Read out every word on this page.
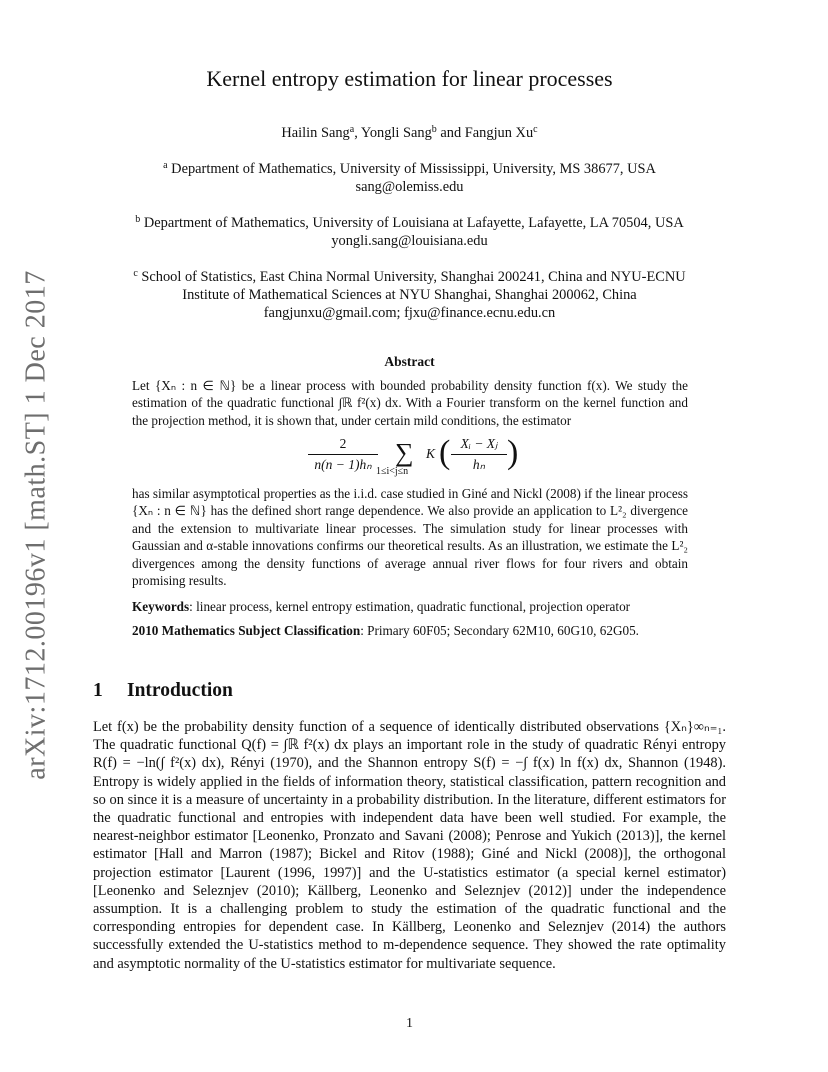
arXiv:1712.00196v1 [math.ST] 1 Dec 2017
Kernel entropy estimation for linear processes
Hailin Sang$^a$, Yongli Sang$^b$ and Fangjun Xu$^c$
$^a$ Department of Mathematics, University of Mississippi, University, MS 38677, USA
sang@olemiss.edu
$^b$ Department of Mathematics, University of Louisiana at Lafayette, Lafayette, LA 70504, USA
yongli.sang@louisiana.edu
$^c$ School of Statistics, East China Normal University, Shanghai 200241, China and NYU-ECNU
Institute of Mathematical Sciences at NYU Shanghai, Shanghai 200062, China
fangjunxu@gmail.com; fjxu@finance.ecnu.edu.cn
Abstract
Let {Xₙ : n ∈ ℕ} be a linear process with bounded probability density function f(x). We study the estimation of the quadratic functional ∫ℝ f²(x) dx. With a Fourier transform on the kernel function and the projection method, it is shown that, under certain mild conditions, the estimator
$\frac{2}{\text{n(n − 1)hₙ}}$ ∑
1≤i<j≤n
K ( $\frac{\text{Xᵢ − Xⱼ}}{\text{hₙ}}$ )
has similar asymptotical properties as the i.i.d. case studied in Giné and Nickl (2008) if the linear process {Xₙ : n ∈ ℕ} has the defined short range dependence. We also provide an application to L²₂ divergence and the extension to multivariate linear processes. The simulation study for linear processes with Gaussian and α-stable innovations confirms our theoretical results. As an illustration, we estimate the L²₂ divergences among the density functions of average annual river flows for four rivers and obtain promising results.
Keywords: linear process, kernel entropy estimation, quadratic functional, projection operator
2010 Mathematics Subject Classification: Primary 60F05; Secondary 62M10, 60G10, 62G05.
1 Introduction
Let f(x) be the probability density function of a sequence of identically distributed observations {Xₙ}∞ₙ₌₁. The quadratic functional Q(f) = ∫ℝ f²(x) dx plays an important role in the study of quadratic Rényi entropy R(f) = −ln(∫ f²(x) dx), Rényi (1970), and the Shannon entropy S(f) = −∫ f(x) ln f(x) dx, Shannon (1948). Entropy is widely applied in the fields of information theory, statistical classification, pattern recognition and so on since it is a measure of uncertainty in a probability distribution. In the literature, different estimators for the quadratic functional and entropies with independent data have been well studied. For example, the nearest-neighbor estimator [Leonenko, Pronzato and Savani (2008); Penrose and Yukich (2013)], the kernel estimator [Hall and Marron (1987); Bickel and Ritov (1988); Giné and Nickl (2008)], the orthogonal projection estimator [Laurent (1996, 1997)] and the U-statistics estimator (a special kernel estimator) [Leonenko and Seleznjev (2010); Källberg, Leonenko and Seleznjev (2012)] under the independence assumption. It is a challenging problem to study the estimation of the quadratic functional and the corresponding entropies for dependent case. In Källberg, Leonenko and Seleznjev (2014) the authors successfully extended the U-statistics method to m-dependence sequence. They showed the rate optimality and asymptotic normality of the U-statistics estimator for multivariate sequence.
1
